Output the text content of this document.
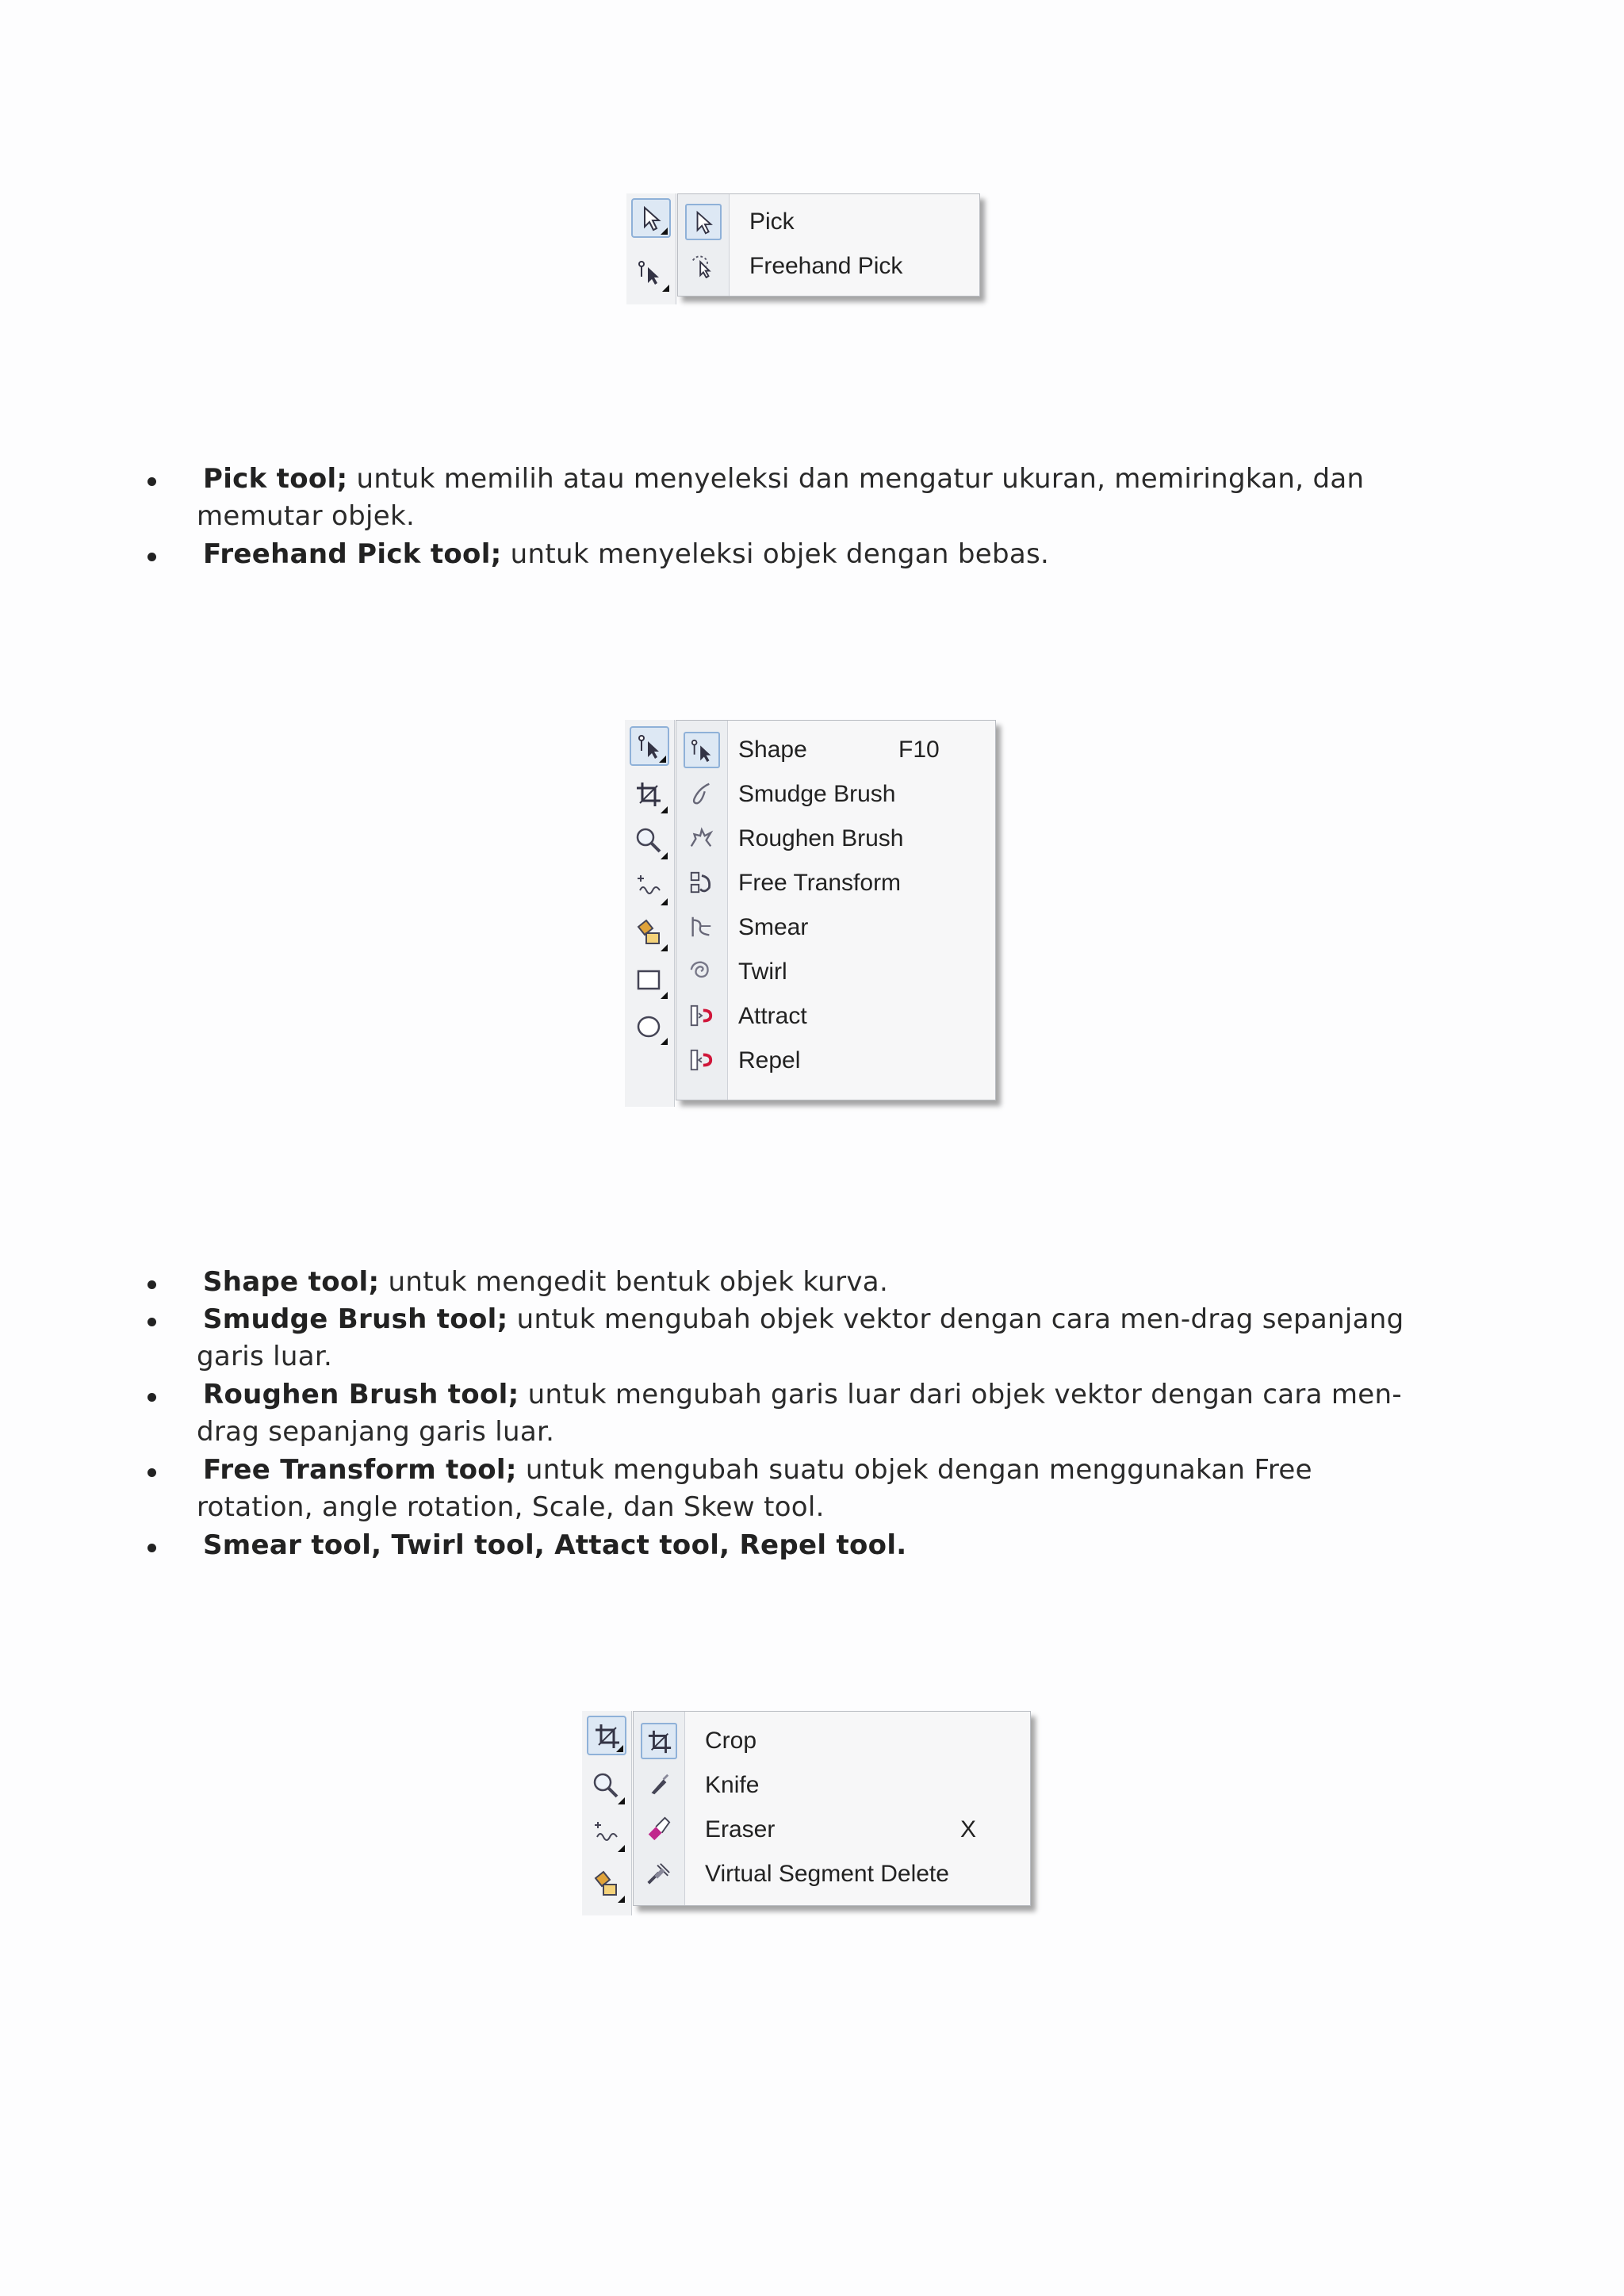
Pick
Freehand Pick
Pick tool; untuk memilih atau menyeleksi dan mengatur ukuran, memiringkan, dan
memutar objek.
Freehand Pick tool; untuk menyeleksi objek dengan bebas.
Shape	F10
Smudge Brush
Roughen Brush
Free Transform
Smear
Twirl
Attract
Repel
Shape tool; untuk mengedit bentuk objek kurva.
Smudge Brush tool; untuk mengubah objek vektor dengan cara men-drag sepanjang
garis luar.
Roughen Brush tool; untuk mengubah garis luar dari objek vektor dengan cara men-
drag sepanjang garis luar.
Free Transform tool; untuk mengubah suatu objek dengan menggunakan Free
rotation, angle rotation, Scale, dan Skew tool.
Smear tool, Twirl tool, Attact tool, Repel tool.
Crop
Knife
Eraser	X
Virtual Segment Delete
